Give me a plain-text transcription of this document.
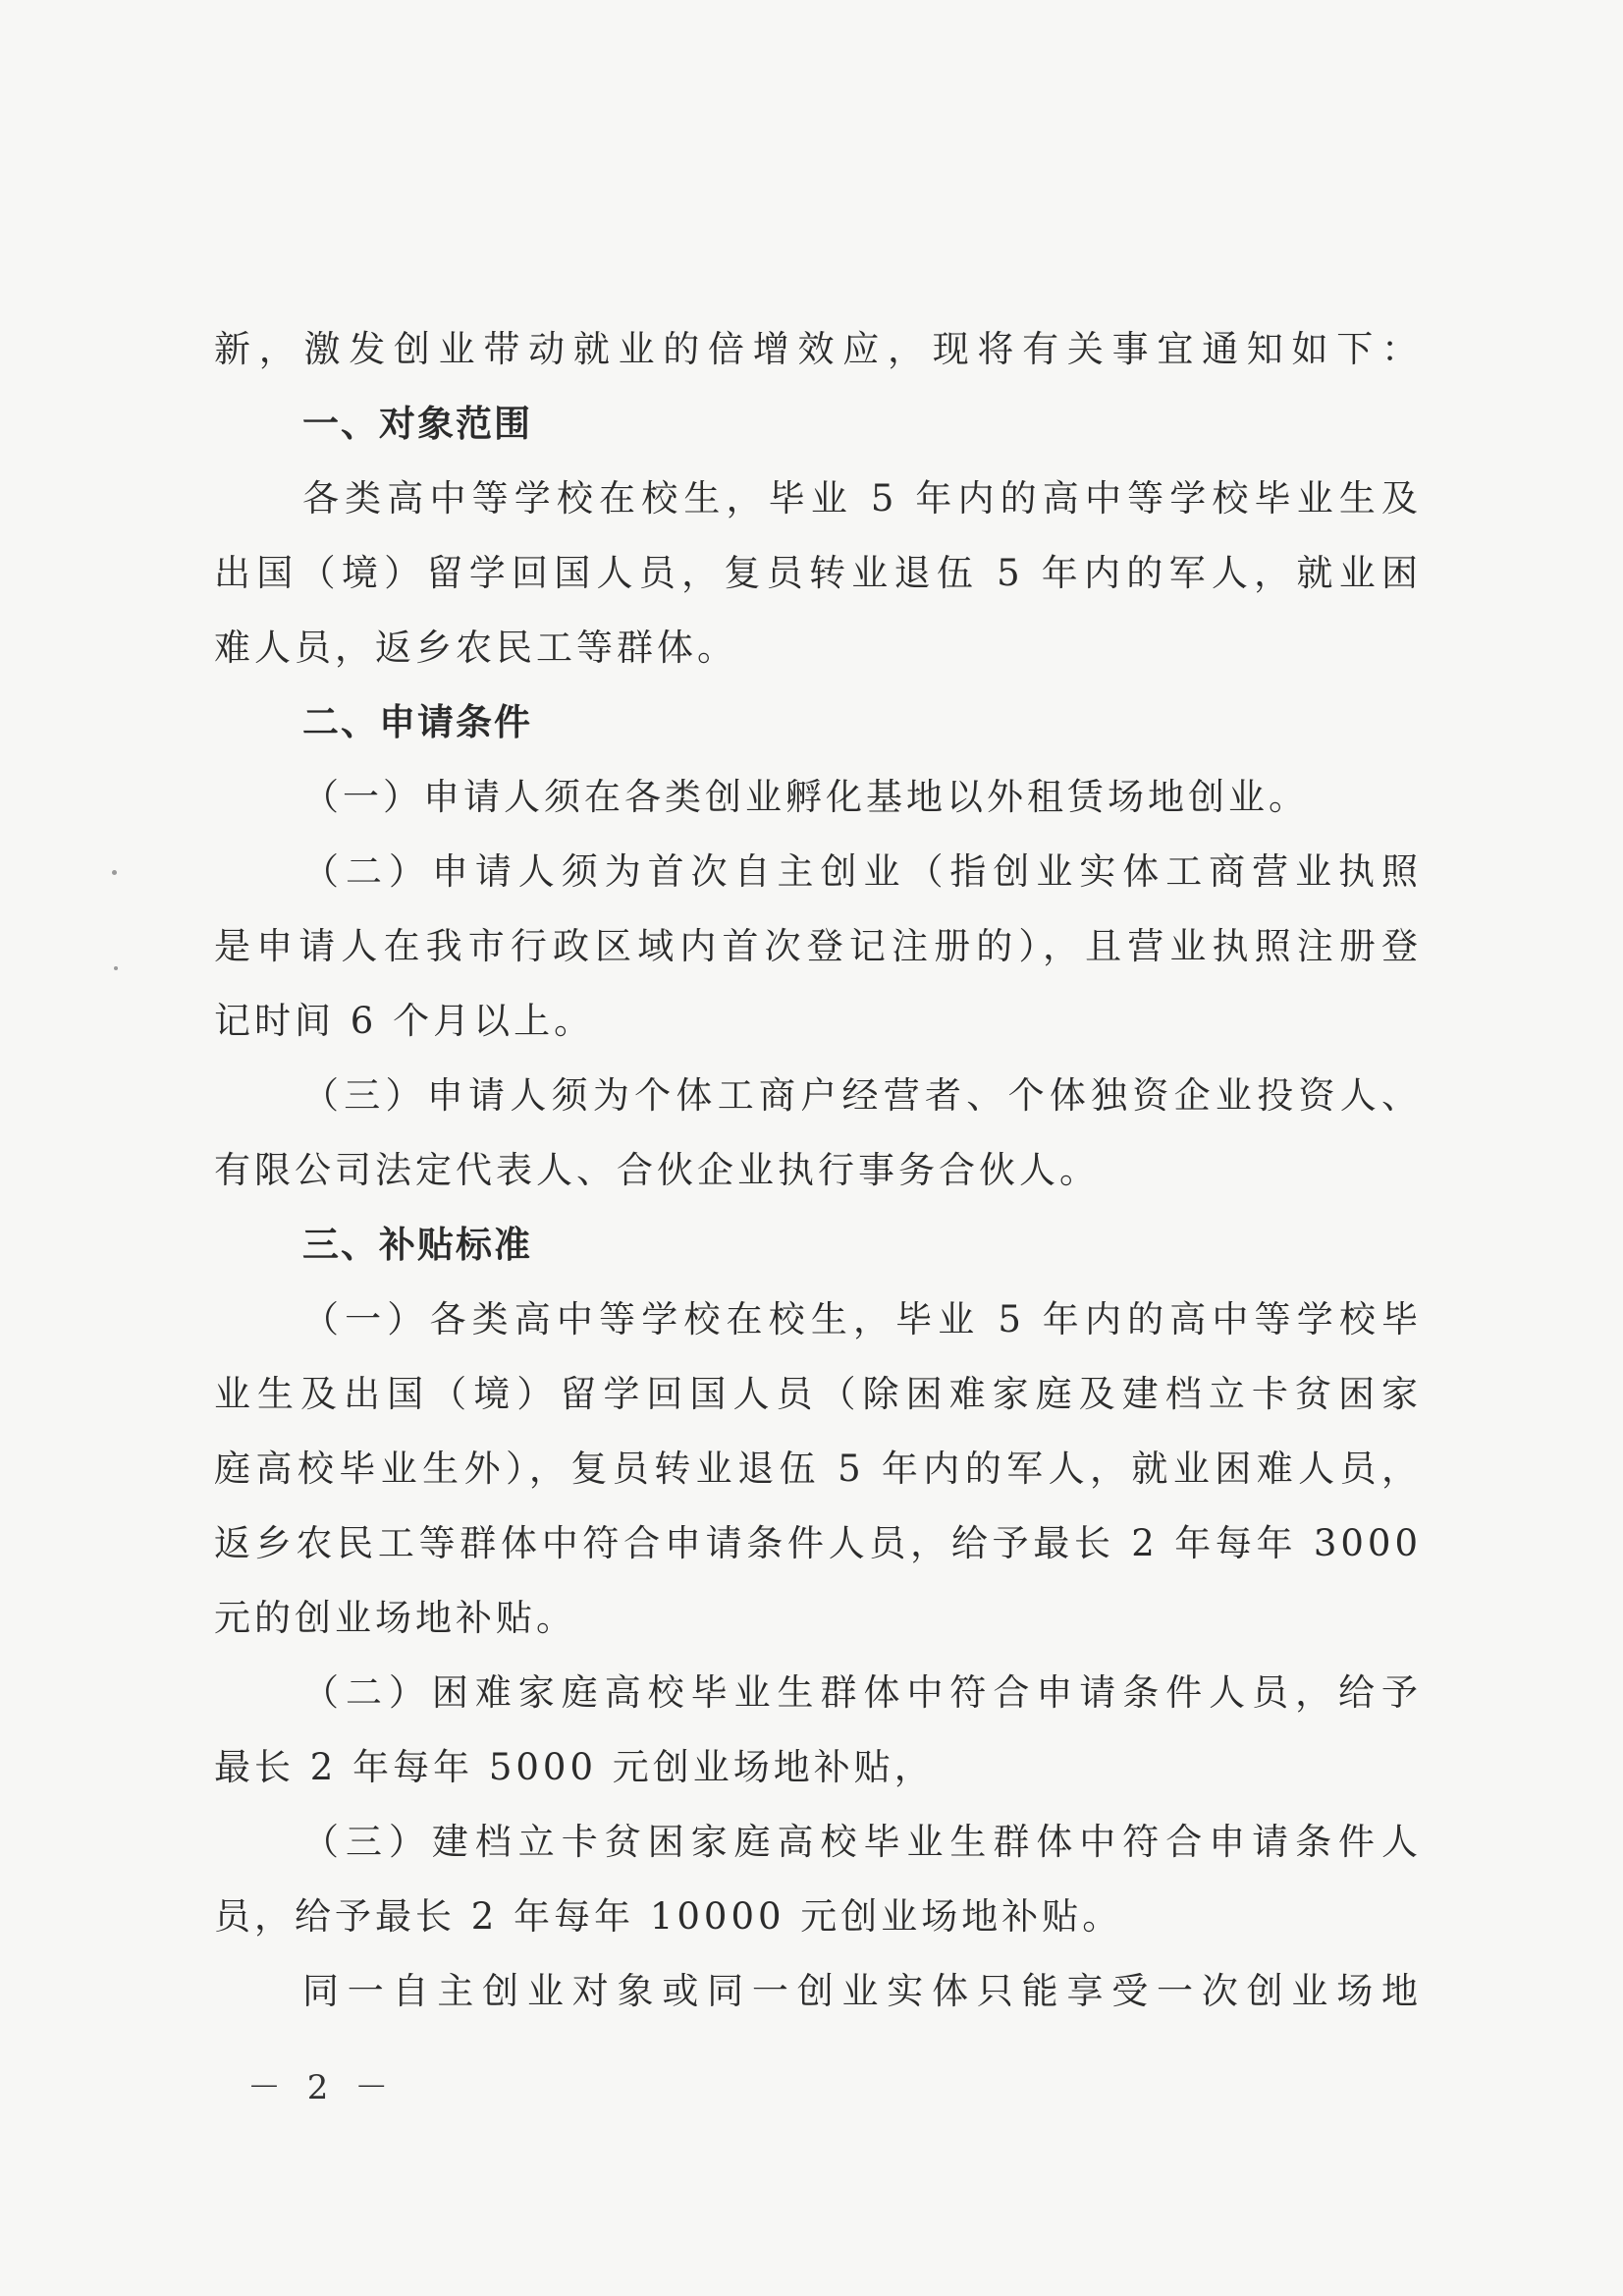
新，激发创业带动就业的倍增效应，现将有关事宜通知如下：
一、对象范围
各类高中等学校在校生，毕业 5 年内的高中等学校毕业生及
出国（境）留学回国人员，复员转业退伍 5 年内的军人，就业困
难人员，返乡农民工等群体。
二、申请条件
（一）申请人须在各类创业孵化基地以外租赁场地创业。
（二）申请人须为首次自主创业（指创业实体工商营业执照
是申请人在我市行政区域内首次登记注册的），且营业执照注册登
记时间 6 个月以上。
（三）申请人须为个体工商户经营者、个体独资企业投资人、
有限公司法定代表人、合伙企业执行事务合伙人。
三、补贴标准
（一）各类高中等学校在校生，毕业 5 年内的高中等学校毕
业生及出国（境）留学回国人员（除困难家庭及建档立卡贫困家
庭高校毕业生外），复员转业退伍 5 年内的军人，就业困难人员，
返乡农民工等群体中符合申请条件人员，给予最长 2 年每年 3000
元的创业场地补贴。
（二）困难家庭高校毕业生群体中符合申请条件人员，给予
最长 2 年每年 5000 元创业场地补贴，
（三）建档立卡贫困家庭高校毕业生群体中符合申请条件人
员，给予最长 2 年每年 10000 元创业场地补贴。
同一自主创业对象或同一创业实体只能享受一次创业场地
－ 2 －
